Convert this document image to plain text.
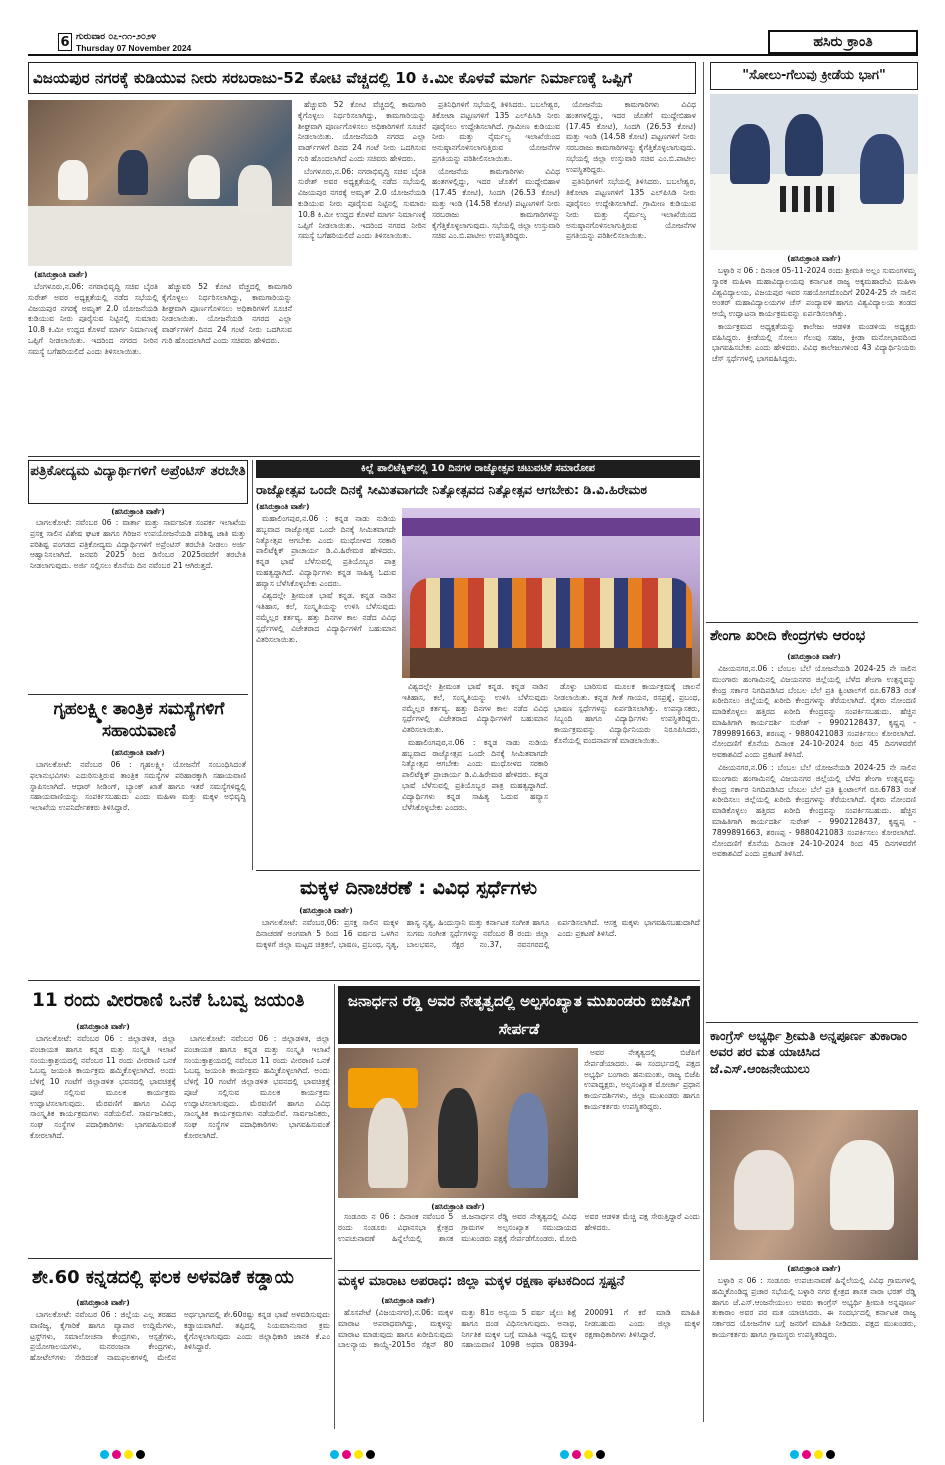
6 ಗುರುವಾರ ೦೭-೧೧-೨೦೨೪
Thursday 07 November 2024	ಹಸಿರು ಕ್ರಾಂತಿ
ವಿಜಯಪುರ ನಗರಕ್ಕೆ ಕುಡಿಯುವ ನೀರು ಸರಬರಾಜು-52 ಕೋಟಿ ವೆಚ್ಚದಲ್ಲಿ 10 ಕಿ.ಮೀ ಕೊಳವೆ ಮಾರ್ಗ ನಿರ್ಮಾಣಕ್ಕೆ ಒಪ್ಪಿಗೆ
(ಹಸಿರುಕ್ರಾಂತಿ ವಾರ್ತೆ)

ಬೆಂಗಳೂರು,ನ.06: ನಗರಾಭಿವೃದ್ಧಿ ಸಚಿವ ಬೈರತಿ ಸುರೇಶ್ ಅವರ ಅಧ್ಯಕ್ಷತೆಯಲ್ಲಿ ನಡೆದ ಸಭೆಯಲ್ಲಿ ವಿಜಯಪುರ ನಗರಕ್ಕೆ ಅಮೃತ್ 2.0 ಯೋಜನೆಯಡಿ ಕುಡಿಯುವ ನೀರು ಪೂರೈಸುವ ನಿಟ್ಟಿನಲ್ಲಿ ಸುಮಾರು 10.8 ಕಿ.ಮೀ ಉದ್ದದ ಕೊಳವೆ ಮಾರ್ಗ ನಿರ್ಮಾಣಕ್ಕೆ ಒಪ್ಪಿಗೆ ನೀಡಲಾಯಿತು. ಇದರಿಂದ ನಗರದ ನೀರಿನ ಸಮಸ್ಯೆ ಬಗೆಹರಿಯಲಿದೆ ಎಂದು ತಿಳಿಸಲಾಯಿತು.

ಹೆಚ್ಚುವರಿ 52 ಕೋಟಿ ವೆಚ್ಚದಲ್ಲಿ ಕಾಮಗಾರಿ ಕೈಗೊಳ್ಳಲು ನಿರ್ಧರಿಸಲಾಗಿದ್ದು, ಕಾಮಗಾರಿಯನ್ನು ಶೀಘ್ರವಾಗಿ ಪೂರ್ಣಗೊಳಿಸಲು ಅಧಿಕಾರಿಗಳಿಗೆ ಸೂಚನೆ ನೀಡಲಾಯಿತು. ಯೋಜನೆಯಡಿ ನಗರದ ಎಲ್ಲಾ ವಾರ್ಡ್‌ಗಳಿಗೆ ದಿನದ 24 ಗಂಟೆ ನೀರು ಒದಗಿಸುವ ಗುರಿ ಹೊಂದಲಾಗಿದೆ ಎಂದು ಸಚಿವರು ಹೇಳಿದರು.

ಹೆಚ್ಚುವರಿ 52 ಕೋಟಿ ವೆಚ್ಚದಲ್ಲಿ ಕಾಮಗಾರಿ ಕೈಗೊಳ್ಳಲು ನಿರ್ಧರಿಸಲಾಗಿದ್ದು, ಕಾಮಗಾರಿಯನ್ನು ಶೀಘ್ರವಾಗಿ ಪೂರ್ಣಗೊಳಿಸಲು ಅಧಿಕಾರಿಗಳಿಗೆ ಸೂಚನೆ ನೀಡಲಾಯಿತು. ಯೋಜನೆಯಡಿ ನಗರದ ಎಲ್ಲಾ ವಾರ್ಡ್‌ಗಳಿಗೆ ದಿನದ 24 ಗಂಟೆ ನೀರು ಒದಗಿಸುವ ಗುರಿ ಹೊಂದಲಾಗಿದೆ ಎಂದು ಸಚಿವರು ಹೇಳಿದರು.

ಬೆಂಗಳೂರು,ನ.06: ನಗರಾಭಿವೃದ್ಧಿ ಸಚಿವ ಬೈರತಿ ಸುರೇಶ್ ಅವರ ಅಧ್ಯಕ್ಷತೆಯಲ್ಲಿ ನಡೆದ ಸಭೆಯಲ್ಲಿ ವಿಜಯಪುರ ನಗರಕ್ಕೆ ಅಮೃತ್ 2.0 ಯೋಜನೆಯಡಿ ಕುಡಿಯುವ ನೀರು ಪೂರೈಸುವ ನಿಟ್ಟಿನಲ್ಲಿ ಸುಮಾರು 10.8 ಕಿ.ಮೀ ಉದ್ದದ ಕೊಳವೆ ಮಾರ್ಗ ನಿರ್ಮಾಣಕ್ಕೆ ಒಪ್ಪಿಗೆ ನೀಡಲಾಯಿತು. ಇದರಿಂದ ನಗರದ ನೀರಿನ ಸಮಸ್ಯೆ ಬಗೆಹರಿಯಲಿದೆ ಎಂದು ತಿಳಿಸಲಾಯಿತು.

ಪ್ರತಿನಿಧಿಗಳಿಗೆ ಸಭೆಯಲ್ಲಿ ತಿಳಿಸಿದರು. ಬಬಲೇಶ್ವರ, ತಿಕೋಟಾ ಪಟ್ಟಣಗಳಿಗೆ 135 ಎಲ್‌ಪಿಸಿಡಿ ನೀರು ಪೂರೈಸಲು ಉದ್ದೇಶಿಸಲಾಗಿದೆ. ಗ್ರಾಮೀಣ ಕುಡಿಯುವ ನೀರು ಮತ್ತು ನೈರ್ಮಲ್ಯ ಇಲಾಖೆಯಿಂದ ಅನುಷ್ಠಾನಗೊಳಿಸಲಾಗುತ್ತಿರುವ ಯೋಜನೆಗಳ ಪ್ರಗತಿಯನ್ನು ಪರಿಶೀಲಿಸಲಾಯಿತು.

ಯೋಜನೆಯ ಕಾಮಗಾರಿಗಳು ವಿವಿಧ ಹಂತಗಳಲ್ಲಿದ್ದು, ಇದರ ಜೊತೆಗೆ ಮುದ್ದೇಬಿಹಾಳ (17.45 ಕೋಟಿ), ಸಿಂದಗಿ (26.53 ಕೋಟಿ) ಮತ್ತು ಇಂಡಿ (14.58 ಕೋಟಿ) ಪಟ್ಟಣಗಳಿಗೆ ನೀರು ಸರಬರಾಜು ಕಾಮಗಾರಿಗಳನ್ನು ಕೈಗೆತ್ತಿಕೊಳ್ಳಲಾಗುವುದು. ಸಭೆಯಲ್ಲಿ ಜಿಲ್ಲಾ ಉಸ್ತುವಾರಿ ಸಚಿವ ಎಂ.ಬಿ.ಪಾಟೀಲ ಉಪಸ್ಥಿತರಿದ್ದರು.

ಯೋಜನೆಯ ಕಾಮಗಾರಿಗಳು ವಿವಿಧ ಹಂತಗಳಲ್ಲಿದ್ದು, ಇದರ ಜೊತೆಗೆ ಮುದ್ದೇಬಿಹಾಳ (17.45 ಕೋಟಿ), ಸಿಂದಗಿ (26.53 ಕೋಟಿ) ಮತ್ತು ಇಂಡಿ (14.58 ಕೋಟಿ) ಪಟ್ಟಣಗಳಿಗೆ ನೀರು ಸರಬರಾಜು ಕಾಮಗಾರಿಗಳನ್ನು ಕೈಗೆತ್ತಿಕೊಳ್ಳಲಾಗುವುದು. ಸಭೆಯಲ್ಲಿ ಜಿಲ್ಲಾ ಉಸ್ತುವಾರಿ ಸಚಿವ ಎಂ.ಬಿ.ಪಾಟೀಲ ಉಪಸ್ಥಿತರಿದ್ದರು.

ಪ್ರತಿನಿಧಿಗಳಿಗೆ ಸಭೆಯಲ್ಲಿ ತಿಳಿಸಿದರು. ಬಬಲೇಶ್ವರ, ತಿಕೋಟಾ ಪಟ್ಟಣಗಳಿಗೆ 135 ಎಲ್‌ಪಿಸಿಡಿ ನೀರು ಪೂರೈಸಲು ಉದ್ದೇಶಿಸಲಾಗಿದೆ. ಗ್ರಾಮೀಣ ಕುಡಿಯುವ ನೀರು ಮತ್ತು ನೈರ್ಮಲ್ಯ ಇಲಾಖೆಯಿಂದ ಅನುಷ್ಠಾನಗೊಳಿಸಲಾಗುತ್ತಿರುವ ಯೋಜನೆಗಳ ಪ್ರಗತಿಯನ್ನು ಪರಿಶೀಲಿಸಲಾಯಿತು.

"ಸೋಲು-ಗೆಲುವು ಕ್ರೀಡೆಯ ಭಾಗ"
(ಹಸಿರುಕ್ರಾಂತಿ ವಾರ್ತೆ)

ಬಳ್ಳಾರಿ ನ 06 : ದಿನಾಂಕ 05-11-2024 ರಂದು ಶ್ರೀಮತಿ ಅಲ್ಲಂ ಸುಮಂಗಳಮ್ಮ ಸ್ಮಾರಕ ಮಹಿಳಾ ಮಹಾವಿದ್ಯಾಲಯವು ಕರ್ನಾಟಕ ರಾಜ್ಯ ಅಕ್ಕಮಹಾದೇವಿ ಮಹಿಳಾ ವಿಶ್ವವಿದ್ಯಾಲಯ, ವಿಜಯಪುರ ಇವರ ಸಹಯೋಗದೊಂದಿಗೆ 2024-25 ನೇ ಸಾಲಿನ ಅಂತರ್ ಮಹಾವಿದ್ಯಾಲಯಗಳ ಚೆಸ್ ಪಂದ್ಯಾವಳಿ ಹಾಗೂ ವಿಶ್ವವಿದ್ಯಾಲಯ ತಂಡದ ಆಯ್ಕೆ ಉದ್ಘಾಟನಾ ಕಾರ್ಯಕ್ರಮವನ್ನು ಏರ್ಪಡಿಸಲಾಗಿತ್ತು.

ಕಾರ್ಯಕ್ರಮದ ಅಧ್ಯಕ್ಷತೆಯನ್ನು ಕಾಲೇಜು ಆಡಳಿತ ಮಂಡಳಿಯ ಅಧ್ಯಕ್ಷರು ವಹಿಸಿದ್ದರು. ಕ್ರೀಡೆಯಲ್ಲಿ ಸೋಲು ಗೆಲುವು ಸಹಜ, ಕ್ರೀಡಾ ಮನೋಭಾವದಿಂದ ಭಾಗವಹಿಸಬೇಕು ಎಂದು ಹೇಳಿದರು. ವಿವಿಧ ಕಾಲೇಜುಗಳಿಂದ 43 ವಿದ್ಯಾರ್ಥಿನಿಯರು ಚೆಸ್ ಸ್ಪರ್ಧೆಗಳಲ್ಲಿ ಭಾಗವಹಿಸಿದ್ದರು.

ಶೇಂಗಾ ಖರೀದಿ ಕೇಂದ್ರಗಳು ಆರಂಭ
(ಹಸಿರುಕ್ರಾಂತಿ ವಾರ್ತೆ)

ವಿಜಯನಗರ,ನ.06 : ಬೆಂಬಲ ಬೆಲೆ ಯೋಜನೆಯಡಿ 2024-25 ನೇ ಸಾಲಿನ ಮುಂಗಾರು ಹಂಗಾಮಿನಲ್ಲಿ ವಿಜಯನಗರ ಜಿಲ್ಲೆಯಲ್ಲಿ ಬೆಳೆದ ಶೇಂಗಾ ಉತ್ಪನ್ನವನ್ನು ಕೇಂದ್ರ ಸರ್ಕಾರ ನಿಗದಿಪಡಿಸಿದ ಬೆಂಬಲ ಬೆಲೆ ಪ್ರತಿ ಕ್ವಿಂಟಾಲ್‌ಗೆ ರೂ.6783 ರಂತೆ ಖರೀದಿಸಲು ಜಿಲ್ಲೆಯಲ್ಲಿ ಖರೀದಿ ಕೇಂದ್ರಗಳನ್ನು ತೆರೆಯಲಾಗಿದೆ. ರೈತರು ನೋಂದಣಿ ಮಾಡಿಕೊಳ್ಳಲು ಹತ್ತಿರದ ಖರೀದಿ ಕೇಂದ್ರವನ್ನು ಸಂಪರ್ಕಿಸಬಹುದು. ಹೆಚ್ಚಿನ ಮಾಹಿತಿಗಾಗಿ ಕಾರ್ಯದರ್ಶಿ ಸುರೇಶ್ - 9902128437, ಕೃಷ್ಣಪ್ಪ - 7899891663, ಶರಣಪ್ಪ - 9880421083 ಸಂಪರ್ಕಿಸಲು ಕೋರಲಾಗಿದೆ. ನೋಂದಣಿಗೆ ಕೊನೆಯ ದಿನಾಂಕ 24-10-2024 ರಿಂದ 45 ದಿನಗಳವರೆಗೆ ಅವಕಾಶವಿದೆ ಎಂದು ಪ್ರಕಟಣೆ ತಿಳಿಸಿದೆ.

ವಿಜಯನಗರ,ನ.06 : ಬೆಂಬಲ ಬೆಲೆ ಯೋಜನೆಯಡಿ 2024-25 ನೇ ಸಾಲಿನ ಮುಂಗಾರು ಹಂಗಾಮಿನಲ್ಲಿ ವಿಜಯನಗರ ಜಿಲ್ಲೆಯಲ್ಲಿ ಬೆಳೆದ ಶೇಂಗಾ ಉತ್ಪನ್ನವನ್ನು ಕೇಂದ್ರ ಸರ್ಕಾರ ನಿಗದಿಪಡಿಸಿದ ಬೆಂಬಲ ಬೆಲೆ ಪ್ರತಿ ಕ್ವಿಂಟಾಲ್‌ಗೆ ರೂ.6783 ರಂತೆ ಖರೀದಿಸಲು ಜಿಲ್ಲೆಯಲ್ಲಿ ಖರೀದಿ ಕೇಂದ್ರಗಳನ್ನು ತೆರೆಯಲಾಗಿದೆ. ರೈತರು ನೋಂದಣಿ ಮಾಡಿಕೊಳ್ಳಲು ಹತ್ತಿರದ ಖರೀದಿ ಕೇಂದ್ರವನ್ನು ಸಂಪರ್ಕಿಸಬಹುದು. ಹೆಚ್ಚಿನ ಮಾಹಿತಿಗಾಗಿ ಕಾರ್ಯದರ್ಶಿ ಸುರೇಶ್ - 9902128437, ಕೃಷ್ಣಪ್ಪ - 7899891663, ಶರಣಪ್ಪ - 9880421083 ಸಂಪರ್ಕಿಸಲು ಕೋರಲಾಗಿದೆ. ನೋಂದಣಿಗೆ ಕೊನೆಯ ದಿನಾಂಕ 24-10-2024 ರಿಂದ 45 ದಿನಗಳವರೆಗೆ ಅವಕಾಶವಿದೆ ಎಂದು ಪ್ರಕಟಣೆ ತಿಳಿಸಿದೆ.

ಕಾಂಗ್ರೆಸ್ ಅಭ್ಯರ್ಥಿ ಶ್ರೀಮತಿ ಅನ್ನಪೂರ್ಣ ತುಕಾರಾಂ ಅವರ ಪರ ಮತ ಯಾಚಿಸಿದ ಜೆ.ಎಸ್.ಆಂಜನೇಯುಲು
(ಹಸಿರುಕ್ರಾಂತಿ ವಾರ್ತೆ)

ಬಳ್ಳಾರಿ ನ 06 : ಸಂಡೂರು ಉಪಚುನಾವಣೆ ಹಿನ್ನೆಲೆಯಲ್ಲಿ ವಿವಿಧ ಗ್ರಾಮಗಳಲ್ಲಿ ಹಮ್ಮಿಕೊಂಡಿದ್ದ ಪ್ರಚಾರ ಸಭೆಯಲ್ಲಿ ಬಳ್ಳಾರಿ ನಗರ ಕ್ಷೇತ್ರದ ಶಾಸಕ ನಾರಾ ಭರತ್ ರೆಡ್ಡಿ ಹಾಗೂ ಜೆ.ಎಸ್.ಆಂಜನೇಯುಲು ಅವರು ಕಾಂಗ್ರೆಸ್ ಅಭ್ಯರ್ಥಿ ಶ್ರೀಮತಿ ಅನ್ನಪೂರ್ಣ ತುಕಾರಾಂ ಅವರ ಪರ ಮತ ಯಾಚಿಸಿದರು. ಈ ಸಂದರ್ಭದಲ್ಲಿ ಕರ್ನಾಟಕ ರಾಜ್ಯ ಸರ್ಕಾರದ ಯೋಜನೆಗಳ ಬಗ್ಗೆ ಜನರಿಗೆ ಮಾಹಿತಿ ನೀಡಿದರು. ಪಕ್ಷದ ಮುಖಂಡರು, ಕಾರ್ಯಕರ್ತರು ಹಾಗೂ ಗ್ರಾಮಸ್ಥರು ಉಪಸ್ಥಿತರಿದ್ದರು.

ಪತ್ರಿಕೋದ್ಯಮ ವಿದ್ಯಾರ್ಥಿಗಳಿಗೆ ಅಪ್ರೆಂಟಿಸ್ ತರಬೇತಿ
(ಹಸಿರುಕ್ರಾಂತಿ ವಾರ್ತೆ)

ಬಾಗಲಕೋಟೆ: ನವೆಂಬರ 06 : ವಾರ್ತಾ ಮತ್ತು ಸಾರ್ವಜನಿಕ ಸಂಪರ್ಕ ಇಲಾಖೆಯ ಪ್ರಸಕ್ತ ಸಾಲಿನ ವಿಶೇಷ ಘಟಕ ಹಾಗೂ ಗಿರಿಜನ ಉಪಯೋಜನೆಯಡಿ ಪರಿಶಿಷ್ಟ ಜಾತಿ ಮತ್ತು ಪರಿಶಿಷ್ಟ ಪಂಗಡದ ಪತ್ರಿಕೋದ್ಯಮ ವಿದ್ಯಾರ್ಥಿಗಳಿಗೆ ಅಪ್ರೆಂಟಿಸ್ ತರಬೇತಿ ನೀಡಲು ಅರ್ಜಿ ಆಹ್ವಾನಿಸಲಾಗಿದೆ. ಜನವರಿ 2025 ರಿಂದ ಡಿಸೆಂಬರ 2025ರವರೆಗೆ ತರಬೇತಿ ನೀಡಲಾಗುವುದು. ಅರ್ಜಿ ಸಲ್ಲಿಸಲು ಕೊನೆಯ ದಿನ ನವೆಂಬರ 21 ಆಗಿರುತ್ತದೆ.

ಗೃಹಲಕ್ಷ್ಮೀ ತಾಂತ್ರಿಕ ಸಮಸ್ಯೆಗಳಿಗೆ ಸಹಾಯವಾಣಿ
(ಹಸಿರುಕ್ರಾಂತಿ ವಾರ್ತೆ)

ಬಾಗಲಕೋಟೆ: ನವೆಂಬರ 06 : ಗೃಹಲಕ್ಷ್ಮೀ ಯೋಜನೆಗೆ ಸಂಬಂಧಿಸಿದಂತೆ ಫಲಾನುಭವಿಗಳು ಎದುರಿಸುತ್ತಿರುವ ತಾಂತ್ರಿಕ ಸಮಸ್ಯೆಗಳ ಪರಿಹಾರಕ್ಕಾಗಿ ಸಹಾಯವಾಣಿ ಸ್ಥಾಪಿಸಲಾಗಿದೆ. ಆಧಾರ್ ಸೀಡಿಂಗ್, ಬ್ಯಾಂಕ್ ಖಾತೆ ಹಾಗೂ ಇತರೆ ಸಮಸ್ಯೆಗಳಿದ್ದಲ್ಲಿ ಸಹಾಯವಾಣಿಯನ್ನು ಸಂಪರ್ಕಿಸಬಹುದು ಎಂದು ಮಹಿಳಾ ಮತ್ತು ಮಕ್ಕಳ ಅಭಿವೃದ್ಧಿ ಇಲಾಖೆಯ ಉಪನಿರ್ದೇಶಕರು ತಿಳಿಸಿದ್ದಾರೆ.

ಕಿಲ್ಲೆ ಪಾಲಿಟೆಕ್ನಿಕ್‌ನಲ್ಲಿ 10 ದಿನಗಳ ರಾಜ್ಯೋತ್ಸವ ಚಟುವಟಿಕೆ ಸಮಾರೋಪ
ರಾಜ್ಯೋತ್ಸವ ಒಂದೇ ದಿನಕ್ಕೆ ಸೀಮಿತವಾಗದೇ ನಿತ್ಯೋತ್ಸವದ ನಿತ್ಯೋತ್ಸವ ಆಗಬೇಕು: ಡಿ.ವಿ.ಹಿರೇಮಠ
(ಹಸಿರುಕ್ರಾಂತಿ ವಾರ್ತೆ)

ಮಹಾಲಿಂಗಪುರ,ನ.06 : ಕನ್ನಡ ನಾಡು ನುಡಿಯ ಹಬ್ಬವಾದ ರಾಜ್ಯೋತ್ಸವ ಒಂದೇ ದಿನಕ್ಕೆ ಸೀಮಿತವಾಗದೇ ನಿತ್ಯೋತ್ಸವ ಆಗಬೇಕು ಎಂದು ಮುಧೋಳದ ಸರಕಾರಿ ಪಾಲಿಟೆಕ್ನಿಕ್ ಪ್ರಾಚಾರ್ಯ ಡಿ.ವಿ.ಹಿರೇಮಠ ಹೇಳಿದರು. ಕನ್ನಡ ಭಾಷೆ ಬೆಳೆಸುವಲ್ಲಿ ಪ್ರತಿಯೊಬ್ಬರ ಪಾತ್ರ ಮಹತ್ವದ್ದಾಗಿದೆ. ವಿದ್ಯಾರ್ಥಿಗಳು ಕನ್ನಡ ಸಾಹಿತ್ಯ ಓದುವ ಹವ್ಯಾಸ ಬೆಳೆಸಿಕೊಳ್ಳಬೇಕು ಎಂದರು.

ವಿಶ್ವದಲ್ಲೇ ಶ್ರೀಮಂತ ಭಾಷೆ ಕನ್ನಡ. ಕನ್ನಡ ನಾಡಿನ ಇತಿಹಾಸ, ಕಲೆ, ಸಂಸ್ಕೃತಿಯನ್ನು ಉಳಿಸಿ ಬೆಳೆಸುವುದು ನಮ್ಮೆಲ್ಲರ ಕರ್ತವ್ಯ. ಹತ್ತು ದಿನಗಳ ಕಾಲ ನಡೆದ ವಿವಿಧ ಸ್ಪರ್ಧೆಗಳಲ್ಲಿ ವಿಜೇತರಾದ ವಿದ್ಯಾರ್ಥಿಗಳಿಗೆ ಬಹುಮಾನ ವಿತರಿಸಲಾಯಿತು.

ವಿಶ್ವದಲ್ಲೇ ಶ್ರೀಮಂತ ಭಾಷೆ ಕನ್ನಡ. ಕನ್ನಡ ನಾಡಿನ ಇತಿಹಾಸ, ಕಲೆ, ಸಂಸ್ಕೃತಿಯನ್ನು ಉಳಿಸಿ ಬೆಳೆಸುವುದು ನಮ್ಮೆಲ್ಲರ ಕರ್ತವ್ಯ. ಹತ್ತು ದಿನಗಳ ಕಾಲ ನಡೆದ ವಿವಿಧ ಸ್ಪರ್ಧೆಗಳಲ್ಲಿ ವಿಜೇತರಾದ ವಿದ್ಯಾರ್ಥಿಗಳಿಗೆ ಬಹುಮಾನ ವಿತರಿಸಲಾಯಿತು.

ಮಹಾಲಿಂಗಪುರ,ನ.06 : ಕನ್ನಡ ನಾಡು ನುಡಿಯ ಹಬ್ಬವಾದ ರಾಜ್ಯೋತ್ಸವ ಒಂದೇ ದಿನಕ್ಕೆ ಸೀಮಿತವಾಗದೇ ನಿತ್ಯೋತ್ಸವ ಆಗಬೇಕು ಎಂದು ಮುಧೋಳದ ಸರಕಾರಿ ಪಾಲಿಟೆಕ್ನಿಕ್ ಪ್ರಾಚಾರ್ಯ ಡಿ.ವಿ.ಹಿರೇಮಠ ಹೇಳಿದರು. ಕನ್ನಡ ಭಾಷೆ ಬೆಳೆಸುವಲ್ಲಿ ಪ್ರತಿಯೊಬ್ಬರ ಪಾತ್ರ ಮಹತ್ವದ್ದಾಗಿದೆ. ವಿದ್ಯಾರ್ಥಿಗಳು ಕನ್ನಡ ಸಾಹಿತ್ಯ ಓದುವ ಹವ್ಯಾಸ ಬೆಳೆಸಿಕೊಳ್ಳಬೇಕು ಎಂದರು.

ಡೊಳ್ಳು ಬಾರಿಸುವ ಮೂಲಕ ಕಾರ್ಯಕ್ರಮಕ್ಕೆ ಚಾಲನೆ ನೀಡಲಾಯಿತು. ಕನ್ನಡ ಗೀತೆ ಗಾಯನ, ರಸಪ್ರಶ್ನೆ, ಪ್ರಬಂಧ, ಭಾಷಣ ಸ್ಪರ್ಧೆಗಳನ್ನು ಏರ್ಪಡಿಸಲಾಗಿತ್ತು. ಉಪನ್ಯಾಸಕರು, ಸಿಬ್ಬಂದಿ ಹಾಗೂ ವಿದ್ಯಾರ್ಥಿಗಳು ಉಪಸ್ಥಿತರಿದ್ದರು. ಕಾರ್ಯಕ್ರಮವನ್ನು ವಿದ್ಯಾರ್ಥಿನಿಯರು ನಿರೂಪಿಸಿದರು, ಕೊನೆಯಲ್ಲಿ ವಂದನಾರ್ಪಣೆ ಮಾಡಲಾಯಿತು.

ಮಕ್ಕಳ ದಿನಾಚರಣೆ : ವಿವಿಧ ಸ್ಪರ್ಧೆಗಳು
(ಹಸಿರುಕ್ರಾಂತಿ ವಾರ್ತೆ)

ಬಾಗಲಕೋಟೆ: ನವೆಂಬರ,06: ಪ್ರಸಕ್ತ ಸಾಲಿನ ಮಕ್ಕಳ ದಿನಾಚರಣೆ ಅಂಗವಾಗಿ 5 ರಿಂದ 16 ವರ್ಷದ ಒಳಗಿನ ಮಕ್ಕಳಿಗೆ ಜಿಲ್ಲಾ ಮಟ್ಟದ ಚಿತ್ರಕಲೆ, ಭಾಷಣ, ಪ್ರಬಂಧ, ನೃತ್ಯ, ಹಾಸ್ಯ ನೃತ್ಯ, ಹಿಂದುಸ್ತಾನಿ ಮತ್ತು ಕರ್ನಾಟಕ ಸಂಗೀತ ಹಾಗೂ ಸುಗಮ ಸಂಗೀತ ಸ್ಪರ್ಧೆಗಳನ್ನು ನವೆಂಬರ 8 ರಂದು ಜಿಲ್ಲಾ ಬಾಲಭವನ, ಸೆಕ್ಟರ ನಂ.37, ನವನಗರದಲ್ಲಿ ಏರ್ಪಡಿಸಲಾಗಿದೆ. ಆಸಕ್ತ ಮಕ್ಕಳು ಭಾಗವಹಿಸಬಹುದಾಗಿದೆ ಎಂದು ಪ್ರಕಟಣೆ ತಿಳಿಸಿದೆ.

11 ರಂದು ವೀರರಾಣಿ ಒನಕೆ ಓಬವ್ವ ಜಯಂತಿ
(ಹಸಿರುಕ್ರಾಂತಿ ವಾರ್ತೆ)

ಬಾಗಲಕೋಟೆ: ನವೆಂಬರ 06 : ಜಿಲ್ಲಾಡಳಿತ, ಜಿಲ್ಲಾ ಪಂಚಾಯತ ಹಾಗೂ ಕನ್ನಡ ಮತ್ತು ಸಂಸ್ಕೃತಿ ಇಲಾಖೆ ಸಂಯುಕ್ತಾಶ್ರಯದಲ್ಲಿ ನವೆಂಬರ 11 ರಂದು ವೀರರಾಣಿ ಒನಕೆ ಓಬವ್ವ ಜಯಂತಿ ಕಾರ್ಯಕ್ರಮ ಹಮ್ಮಿಕೊಳ್ಳಲಾಗಿದೆ. ಅಂದು ಬೆಳಿಗ್ಗೆ 10 ಗಂಟೆಗೆ ಜಿಲ್ಲಾಡಳಿತ ಭವನದಲ್ಲಿ ಭಾವಚಿತ್ರಕ್ಕೆ ಪೂಜೆ ಸಲ್ಲಿಸುವ ಮೂಲಕ ಕಾರ್ಯಕ್ರಮ ಉದ್ಘಾಟಿಸಲಾಗುವುದು. ಮೆರವಣಿಗೆ ಹಾಗೂ ವಿವಿಧ ಸಾಂಸ್ಕೃತಿಕ ಕಾರ್ಯಕ್ರಮಗಳು ನಡೆಯಲಿವೆ. ಸಾರ್ವಜನಿಕರು, ಸಂಘ ಸಂಸ್ಥೆಗಳ ಪದಾಧಿಕಾರಿಗಳು ಭಾಗವಹಿಸುವಂತೆ ಕೋರಲಾಗಿದೆ.

ಬಾಗಲಕೋಟೆ: ನವೆಂಬರ 06 : ಜಿಲ್ಲಾಡಳಿತ, ಜಿಲ್ಲಾ ಪಂಚಾಯತ ಹಾಗೂ ಕನ್ನಡ ಮತ್ತು ಸಂಸ್ಕೃತಿ ಇಲಾಖೆ ಸಂಯುಕ್ತಾಶ್ರಯದಲ್ಲಿ ನವೆಂಬರ 11 ರಂದು ವೀರರಾಣಿ ಒನಕೆ ಓಬವ್ವ ಜಯಂತಿ ಕಾರ್ಯಕ್ರಮ ಹಮ್ಮಿಕೊಳ್ಳಲಾಗಿದೆ. ಅಂದು ಬೆಳಿಗ್ಗೆ 10 ಗಂಟೆಗೆ ಜಿಲ್ಲಾಡಳಿತ ಭವನದಲ್ಲಿ ಭಾವಚಿತ್ರಕ್ಕೆ ಪೂಜೆ ಸಲ್ಲಿಸುವ ಮೂಲಕ ಕಾರ್ಯಕ್ರಮ ಉದ್ಘಾಟಿಸಲಾಗುವುದು. ಮೆರವಣಿಗೆ ಹಾಗೂ ವಿವಿಧ ಸಾಂಸ್ಕೃತಿಕ ಕಾರ್ಯಕ್ರಮಗಳು ನಡೆಯಲಿವೆ. ಸಾರ್ವಜನಿಕರು, ಸಂಘ ಸಂಸ್ಥೆಗಳ ಪದಾಧಿಕಾರಿಗಳು ಭಾಗವಹಿಸುವಂತೆ ಕೋರಲಾಗಿದೆ.

ಶೇ.60 ಕನ್ನಡದಲ್ಲಿ ಫಲಕ ಅಳವಡಿಕೆ ಕಡ್ಡಾಯ
(ಹಸಿರುಕ್ರಾಂತಿ ವಾರ್ತೆ)

ಬಾಗಲಕೋಟೆ: ನವೆಂಬರ 06 : ಜಿಲ್ಲೆಯ ಎಲ್ಲ ತರಹದ ವಾಣಿಜ್ಯ, ಕೈಗಾರಿಕೆ ಹಾಗೂ ವ್ಯಾಪಾರ ಉದ್ದಿಮೆಗಳು, ಟ್ರಸ್ಟ್‌ಗಳು, ಸಮಾಲೋಚನಾ ಕೇಂದ್ರಗಳು, ಆಸ್ಪತ್ರೆಗಳು, ಪ್ರಯೋಗಾಲಯಗಳು, ಮನರಂಜನಾ ಕೇಂದ್ರಗಳು, ಹೋಟೆಲ್‌ಗಳು ಸೇರಿದಂತೆ ನಾಮಫಲಕಗಳಲ್ಲಿ ಮೇಲಿನ ಅರ್ಧಭಾಗದಲ್ಲಿ ಶೇ.60ರಷ್ಟು ಕನ್ನಡ ಭಾಷೆ ಅಳವಡಿಸುವುದು ಕಡ್ಡಾಯವಾಗಿದೆ. ತಪ್ಪಿದಲ್ಲಿ ನಿಯಮಾನುಸಾರ ಕ್ರಮ ಕೈಗೊಳ್ಳಲಾಗುವುದು ಎಂದು ಜಿಲ್ಲಾಧಿಕಾರಿ ಜಾನಕಿ ಕೆ.ಎಂ ತಿಳಿಸಿದ್ದಾರೆ.

ಜನಾರ್ಧನ ರೆಡ್ಡಿ ಅವರ ನೇತೃತ್ವದಲ್ಲಿ ಅಲ್ಪಸಂಖ್ಯಾತ ಮುಖಂಡರು ಬಿಜೆಪಿಗೆ ಸೇರ್ಪಡೆ

ಅವರ ನೇತೃತ್ವದಲ್ಲಿ ಬಿಜೆಪಿಗೆ ಸೇರ್ಪಡೆಯಾದರು. ಈ ಸಂದರ್ಭದಲ್ಲಿ ಪಕ್ಷದ ಅಭ್ಯರ್ಥಿ ಬಂಗಾರು ಹನುಮಂತು, ರಾಜ್ಯ ಬಿಜೆಪಿ ಉಪಾಧ್ಯಕ್ಷರು, ಅಲ್ಪಸಂಖ್ಯಾತ ಮೋರ್ಚಾ ಪ್ರಧಾನ ಕಾರ್ಯದರ್ಶಿಗಳು, ಜಿಲ್ಲಾ ಮುಖಂಡರು ಹಾಗೂ ಕಾರ್ಯಕರ್ತರು ಉಪಸ್ಥಿತರಿದ್ದರು.

(ಹಸಿರುಕ್ರಾಂತಿ ವಾರ್ತೆ)

ಸಂಡೂರು ನ 06 : ದಿನಾಂಕ ನವೆಂಬರ 5 ರಂದು ಸಂಡೂರು ವಿಧಾನಸಭಾ ಕ್ಷೇತ್ರದ ಉಪಚುನಾವಣೆ ಹಿನ್ನೆಲೆಯಲ್ಲಿ ಶಾಸಕ ಜಿ.ಜನಾರ್ಧನ ರೆಡ್ಡಿ ಅವರ ನೇತೃತ್ವದಲ್ಲಿ ವಿವಿಧ ಗ್ರಾಮಗಳ ಅಲ್ಪಸಂಖ್ಯಾತ ಸಮುದಾಯದ ಮುಖಂಡರು ಪಕ್ಷಕ್ಕೆ ಸೇರ್ಪಡೆಗೊಂಡರು. ಮೋದಿ ಅವರ ಆಡಳಿತ ಮೆಚ್ಚಿ ಪಕ್ಷ ಸೇರುತ್ತಿದ್ದಾರೆ ಎಂದು ಹೇಳಿದರು.

ಮಕ್ಕಳ ಮಾರಾಟ ಅಪರಾಧ: ಜಿಲ್ಲಾ ಮಕ್ಕಳ ರಕ್ಷಣಾ ಘಟಕದಿಂದ ಸ್ಪಷ್ಟನೆ
(ಹಸಿರುಕ್ರಾಂತಿ ವಾರ್ತೆ)

ಹೊಸಪೇಟೆ (ವಿಜಯನಗರ),ನ.06: ಮಕ್ಕಳ ಮಾರಾಟ ಅಪರಾಧವಾಗಿದ್ದು, ಮಕ್ಕಳನ್ನು ಮಾರಾಟ ಮಾಡುವುದು ಹಾಗೂ ಖರೀದಿಸುವುದು ಬಾಲನ್ಯಾಯ ಕಾಯ್ದೆ-2015ರ ಸೆಕ್ಷನ್ 80 ಮತ್ತು 81ರ ಅನ್ವಯ 5 ವರ್ಷ ಜೈಲು ಶಿಕ್ಷೆ ಹಾಗೂ ದಂಡ ವಿಧಿಸಲಾಗುವುದು. ಅನಾಥ, ನಿರ್ಗತಿಕ ಮಕ್ಕಳ ಬಗ್ಗೆ ಮಾಹಿತಿ ಇದ್ದಲ್ಲಿ ಮಕ್ಕಳ ಸಹಾಯವಾಣಿ 1098 ಅಥವಾ 08394-200091 ಗೆ ಕರೆ ಮಾಡಿ ಮಾಹಿತಿ ನೀಡಬಹುದು ಎಂದು ಜಿಲ್ಲಾ ಮಕ್ಕಳ ರಕ್ಷಣಾಧಿಕಾರಿಗಳು ತಿಳಿಸಿದ್ದಾರೆ.
